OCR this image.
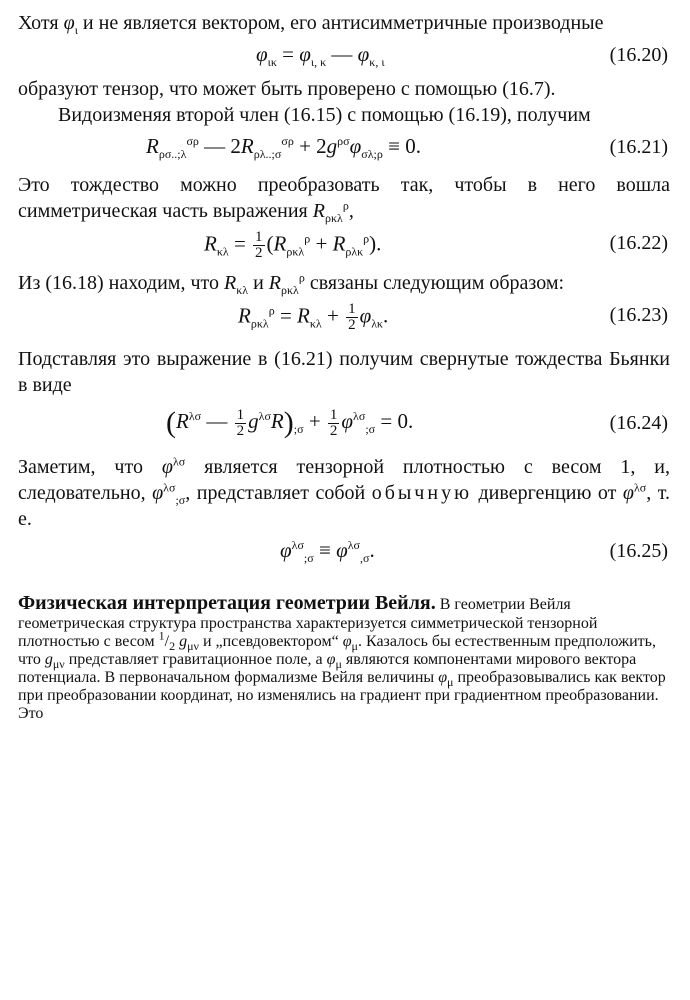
Хотя $\varphi_\iota$ и не является вектором, его антисимметричные производные

$\varphi_{\iota\kappa} = \varphi_{\iota, \kappa}$ — $\varphi_{\kappa, \iota}$	(16.20)

образуют тензор, что может быть проверено с помощью (16.7).

Видоизменяя второй член (16.15) с помощью (16.19), получим

$R_{\rho\sigma..;\lambda}^{\sigma\rho}$ — $2R_{\rho\lambda..;\sigma}^{\sigma\rho} + 2g^{\rho\sigma}\varphi_{\sigma\lambda;\rho} \equiv 0$.	(16.21)

Это тождество можно преобразовать так, чтобы в него вошла симметрическая часть выражения $R_{\rho\kappa\lambda}^\rho$,

$R_{\kappa\lambda} = \frac{1}{2} (R_{\rho\kappa\lambda}^\rho + R_{\rho\lambda\kappa}^\rho)$.	(16.22)

Из (16.18) находим, что $R_{\kappa\lambda}$ и $R_{\rho\kappa\lambda}^\rho$ связаны следующим образом:

$R_{\rho\kappa\lambda}^\rho = R_{\kappa\lambda} + \frac{1}{2} \varphi_{\lambda\kappa}$.	(16.23)

Подставляя это выражение в (16.21) получим свернутые тождества Бьянки в виде

($R^{\lambda\sigma}$ — $\frac{1}{2} g^{\lambda\sigma}R)_{;\sigma} + \frac{1}{2} \varphi^{\lambda\sigma}_{;\sigma} = 0$.	(16.24)

Заметим, что $\varphi^{\lambda\sigma}$ является тензорной плотностью с весом 1, и, следовательно, $\varphi^{\lambda\sigma}_{;\sigma}$, представляет собой обычную дивергенцию от $\varphi^{\lambda\sigma}$, т. е.

$\varphi^{\lambda\sigma}_{;\sigma} \equiv \varphi^{\lambda\sigma}_{,\sigma}$.	(16.25)

Физическая интерпретация геометрии Вейля. В геометрии Вейля геометрическая структура пространства характеризуется симметрической тензорной плотностью с весом $^1/_2$ $g_{\mu\nu}$ и „псевдовектором“ $\varphi_\mu$. Казалось бы естественным предположить, что $g_{\mu\nu}$ представляет гравитационное поле, а $\varphi_\mu$ являются компонентами мирового вектора потенциала. В первоначальном формализме Вейля величины $\varphi_\mu$ преобразовывались как вектор при преобразовании координат, но изменялись на градиент при градиентном преобразовании. Это
